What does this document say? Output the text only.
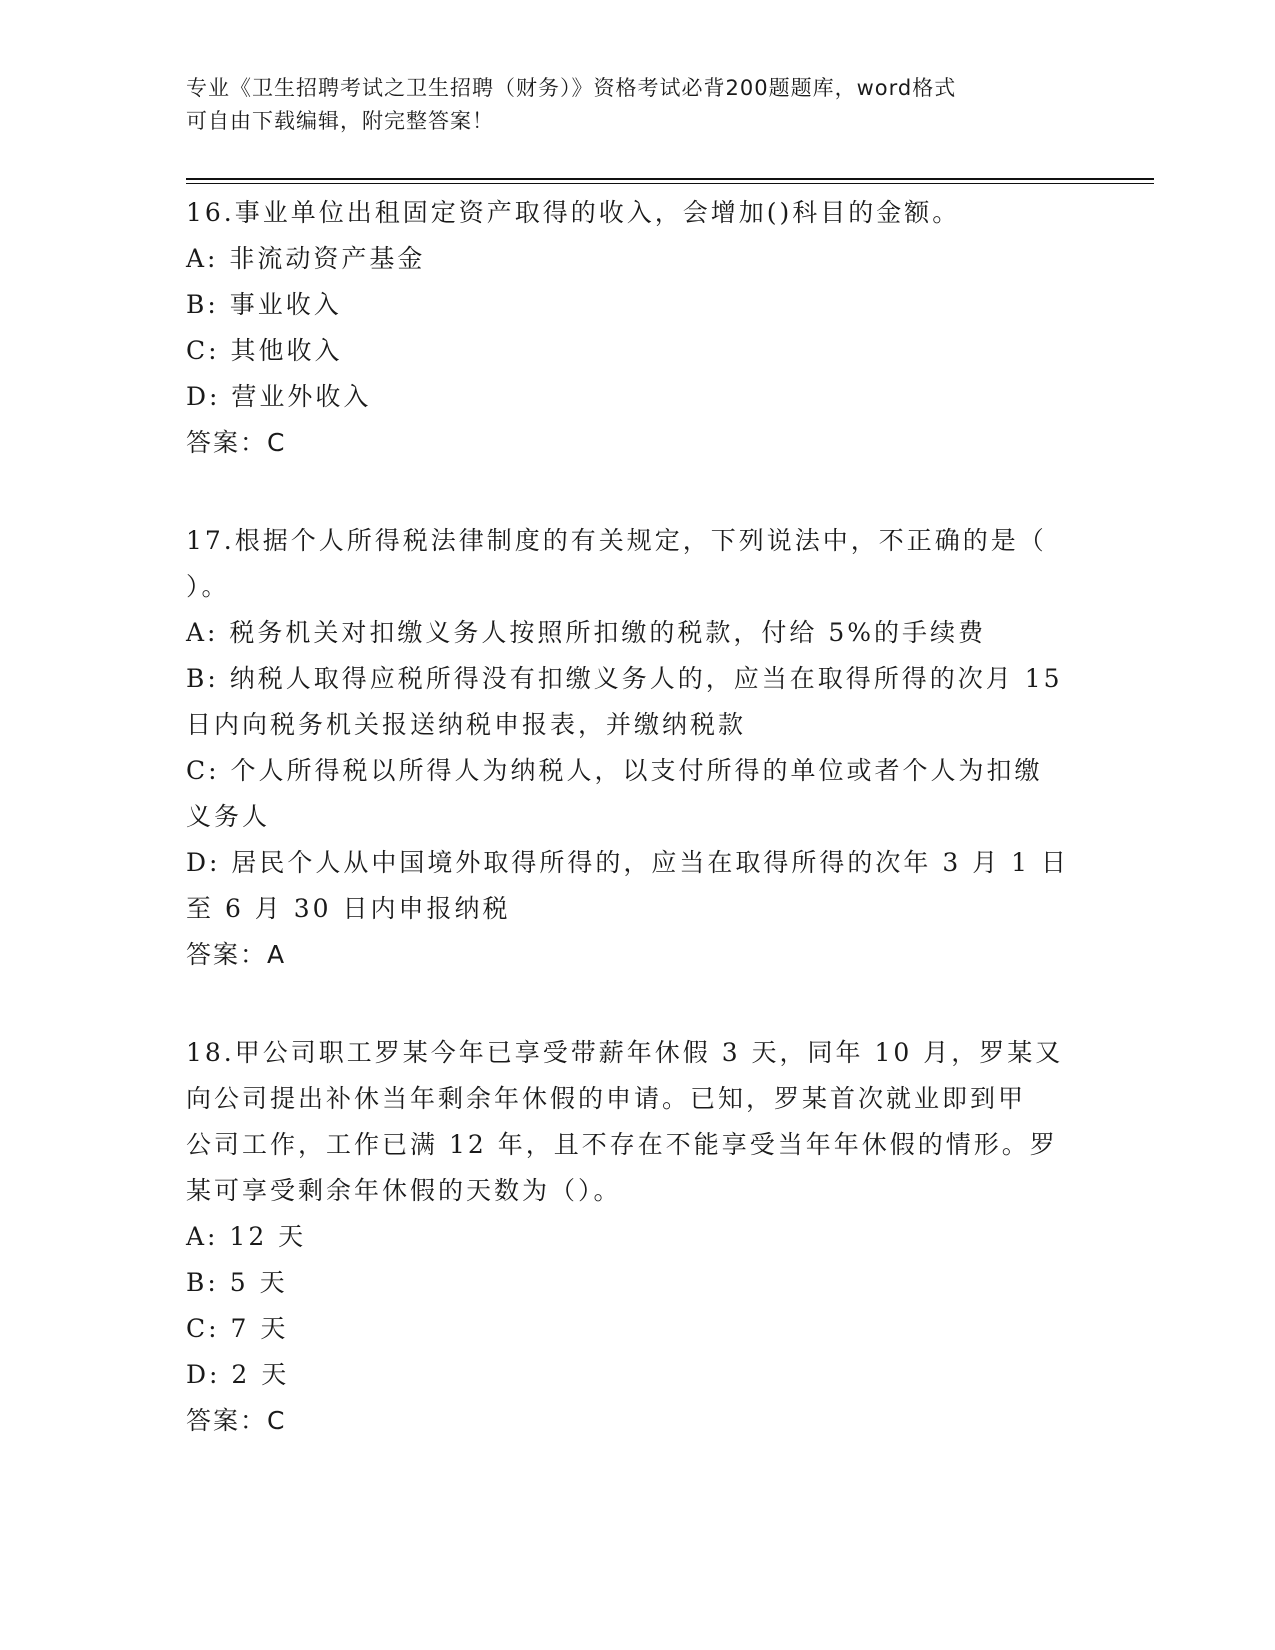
专业《卫生招聘考试之卫生招聘（财务）》资格考试必背200题题库，word格式
可自由下载编辑，附完整答案！

16.事业单位出租固定资产取得的收入，会增加()科目的金额。

A: 非流动资产基金

B: 事业收入

C: 其他收入

D: 营业外收入

答案：C

17.根据个人所得税法律制度的有关规定，下列说法中，不正确的是（

）。

A: 税务机关对扣缴义务人按照所扣缴的税款，付给 5%的手续费

B: 纳税人取得应税所得没有扣缴义务人的，应当在取得所得的次月 15

日内向税务机关报送纳税申报表，并缴纳税款

C: 个人所得税以所得人为纳税人，以支付所得的单位或者个人为扣缴

义务人

D: 居民个人从中国境外取得所得的，应当在取得所得的次年 3 月 1 日

至 6 月 30 日内申报纳税

答案：A

18.甲公司职工罗某今年已享受带薪年休假 3 天，同年 10 月，罗某又

向公司提出补休当年剩余年休假的申请。已知，罗某首次就业即到甲

公司工作，工作已满 12 年，且不存在不能享受当年年休假的情形。罗

某可享受剩余年休假的天数为（）。

A: 12 天

B: 5 天

C: 7 天

D: 2 天

答案：C
